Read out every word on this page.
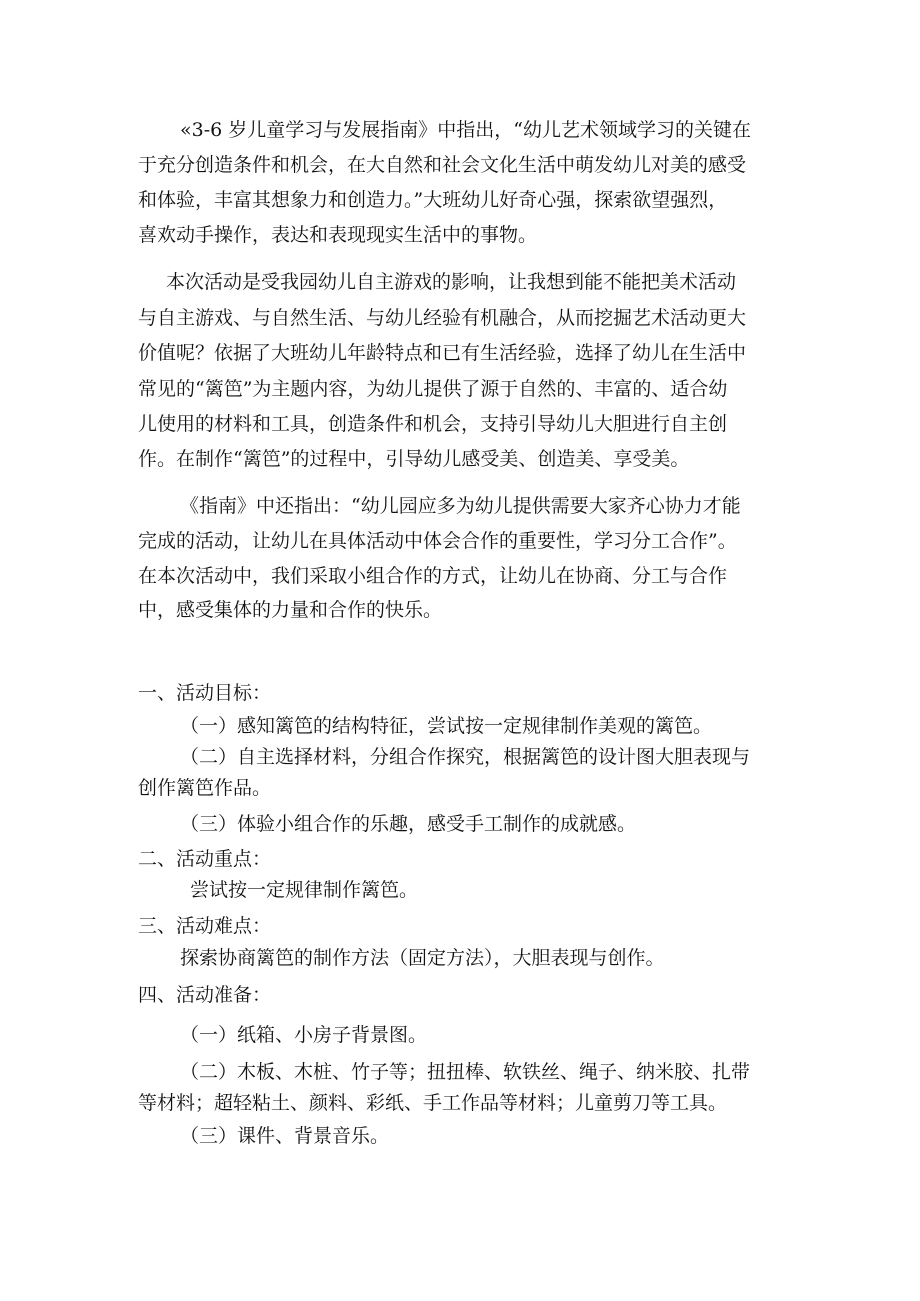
«3-6 岁儿童学习与发展指南》中指出，“幼儿艺术领域学习的关键在
于充分创造条件和机会，在大自然和社会文化生活中萌发幼儿对美的感受
和体验，丰富其想象力和创造力。”大班幼儿好奇心强，探索欲望强烈，
喜欢动手操作，表达和表现现实生活中的事物。
本次活动是受我园幼儿自主游戏的影响，让我想到能不能把美术活动
与自主游戏、与自然生活、与幼儿经验有机融合，从而挖掘艺术活动更大
价值呢？依据了大班幼儿年龄特点和已有生活经验，选择了幼儿在生活中
常见的“篱笆”为主题内容，为幼儿提供了源于自然的、丰富的、适合幼
儿使用的材料和工具，创造条件和机会，支持引导幼儿大胆进行自主创
作。在制作“篱笆”的过程中，引导幼儿感受美、创造美、享受美。
《指南》中还指出：“幼儿园应多为幼儿提供需要大家齐心协力才能
完成的活动，让幼儿在具体活动中体会合作的重要性，学习分工合作”。
在本次活动中，我们采取小组合作的方式，让幼儿在协商、分工与合作
中，感受集体的力量和合作的快乐。
一、活动目标：
（一）感知篱笆的结构特征，尝试按一定规律制作美观的篱笆。
（二）自主选择材料，分组合作探究，根据篱笆的设计图大胆表现与
创作篱笆作品。
（三）体验小组合作的乐趣，感受手工制作的成就感。
二、活动重点：
尝试按一定规律制作篱笆。
三、活动难点：
探索协商篱笆的制作方法（固定方法），大胆表现与创作。
四、活动准备：
（一）纸箱、小房子背景图。
（二）木板、木桩、竹子等；扭扭棒、软铁丝、绳子、纳米胶、扎带
等材料；超轻粘土、颜料、彩纸、手工作品等材料；儿童剪刀等工具。
（三）课件、背景音乐。
